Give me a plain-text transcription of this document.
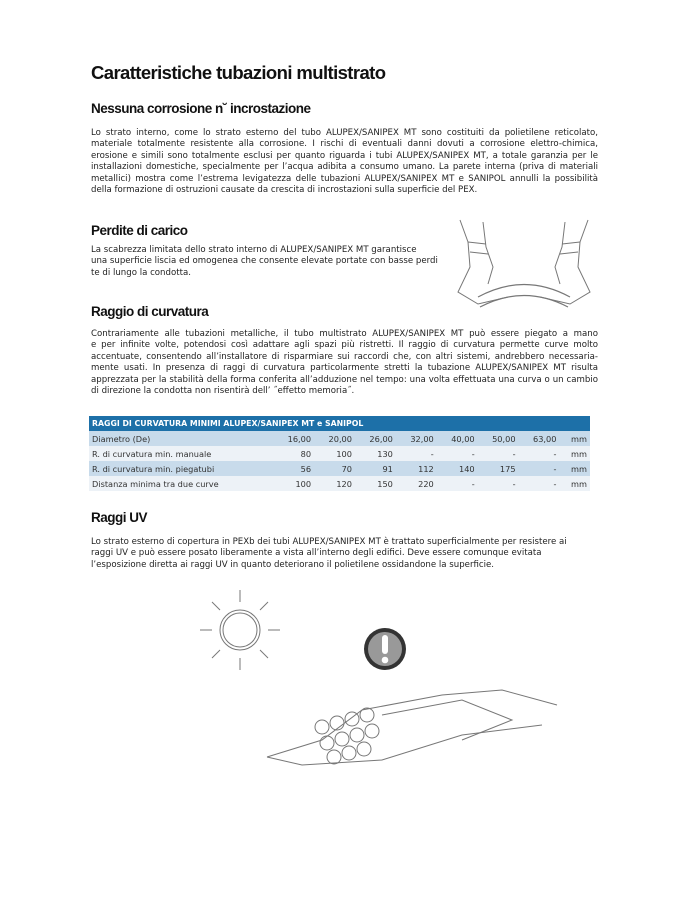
Caratteristiche tubazioni multistrato
Nessuna corrosione n˘ incrostazione
Lo strato interno, come lo strato esterno del tubo ALUPEX/SANIPEX MT sono costituiti da polietilene reticolato,
materiale totalmente resistente alla corrosione. I rischi di eventuali danni dovuti a corrosione elettro-chimica,
erosione e simili sono totalmente esclusi per quanto riguarda i tubi ALUPEX/SANIPEX MT, a totale garanzia per le
installazioni domestiche, specialmente per l’acqua adibita a consumo umano. La parete interna (priva di materiali
metallici) mostra come l’estrema levigatezza delle tubazioni ALUPEX/SANIPEX MT e SANIPOL annulli la possibilità
della formazione di ostruzioni causate da crescita di incrostazioni sulla superficie del PEX.
Perdite di carico
La scabrezza limitata dello strato interno di ALUPEX/SANIPEX MT garantisce
una superficie liscia ed omogenea che consente elevate portate con basse perdi
te di lungo la condotta.
Raggio di curvatura
Contrariamente alle tubazioni metalliche, il tubo multistrato ALUPEX/SANIPEX MT può essere piegato a mano
e per infinite volte, potendosi così adattare agli spazi più ristretti. Il raggio di curvatura permette curve molto
accentuate, consentendo all’installatore di risparmiare sui raccordi che, con altri sistemi, andrebbero necessaria-
mente usati. In presenza di raggi di curvatura particolarmente stretti la tubazione ALUPEX/SANIPEX MT risulta
apprezzata per la stabilità della forma conferita all’adduzione nel tempo: una volta effettuata una curva o un cambio
di direzione la condotta non risentirà dell’ ˝effetto memoria˝.
RAGGI DI CURVATURA MINIMI ALUPEX/SANIPEX MT e SANIPOL								
Diametro (De)	16,00	20,00	26,00	32,00	40,00	50,00	63,00	mm
R. di curvatura min. manuale	80	100	130	-	-	-	-	mm
R. di curvatura min. piegatubi	56	70	91	112	140	175	-	mm
Distanza minima tra due curve	100	120	150	220	-	-	-	mm
Raggi UV
Lo strato esterno di copertura in PEXb dei tubi ALUPEX/SANIPEX MT è trattato superficialmente per resistere ai
raggi UV e può essere posato liberamente a vista all’interno degli edifici. Deve essere comunque evitata
l’esposizione diretta ai raggi UV in quanto deteriorano il polietilene ossidandone la superficie.
